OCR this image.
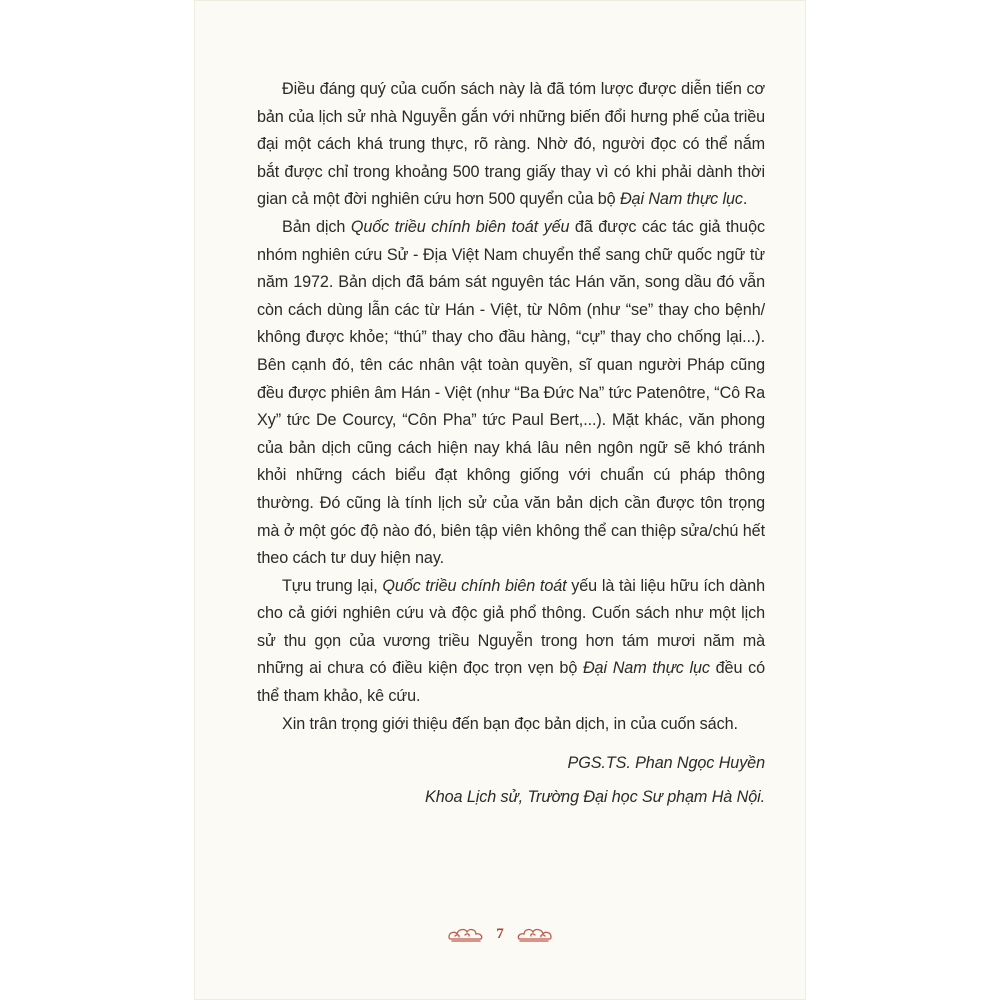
Điều đáng quý của cuốn sách này là đã tóm lược được diễn tiến cơ bản của lịch sử nhà Nguyễn gắn với những biến đổi hưng phế của triều đại một cách khá trung thực, rõ ràng. Nhờ đó, người đọc có thể nắm bắt được chỉ trong khoảng 500 trang giấy thay vì có khi phải dành thời gian cả một đời nghiên cứu hơn 500 quyển của bộ Đại Nam thực lục.

Bản dịch Quốc triều chính biên toát yếu đã được các tác giả thuộc nhóm nghiên cứu Sử - Địa Việt Nam chuyển thể sang chữ quốc ngữ từ năm 1972. Bản dịch đã bám sát nguyên tác Hán văn, song dầu đó vẫn còn cách dùng lẫn các từ Hán - Việt, từ Nôm (như “se” thay cho bệnh/ không được khỏe; “thú” thay cho đầu hàng, “cự” thay cho chống lại...). Bên cạnh đó, tên các nhân vật toàn quyền, sĩ quan người Pháp cũng đều được phiên âm Hán - Việt (như “Ba Đức Na” tức Patenôtre, “Cô Ra Xy” tức De Courcy, “Côn Pha” tức Paul Bert,...). Mặt khác, văn phong của bản dịch cũng cách hiện nay khá lâu nên ngôn ngữ sẽ khó tránh khỏi những cách biểu đạt không giống với chuẩn cú pháp thông thường. Đó cũng là tính lịch sử của văn bản dịch cần được tôn trọng mà ở một góc độ nào đó, biên tập viên không thể can thiệp sửa/chú hết theo cách tư duy hiện nay.

Tựu trung lại, Quốc triều chính biên toát yếu là tài liệu hữu ích dành cho cả giới nghiên cứu và độc giả phổ thông. Cuốn sách như một lịch sử thu gọn của vương triều Nguyễn trong hơn tám mươi năm mà những ai chưa có điều kiện đọc trọn vẹn bộ Đại Nam thực lục đều có thể tham khảo, kê cứu.

Xin trân trọng giới thiệu đến bạn đọc bản dịch, in của cuốn sách.

PGS.TS. Phan Ngọc Huyền
Khoa Lịch sử, Trường Đại học Sư phạm Hà Nội.
7
